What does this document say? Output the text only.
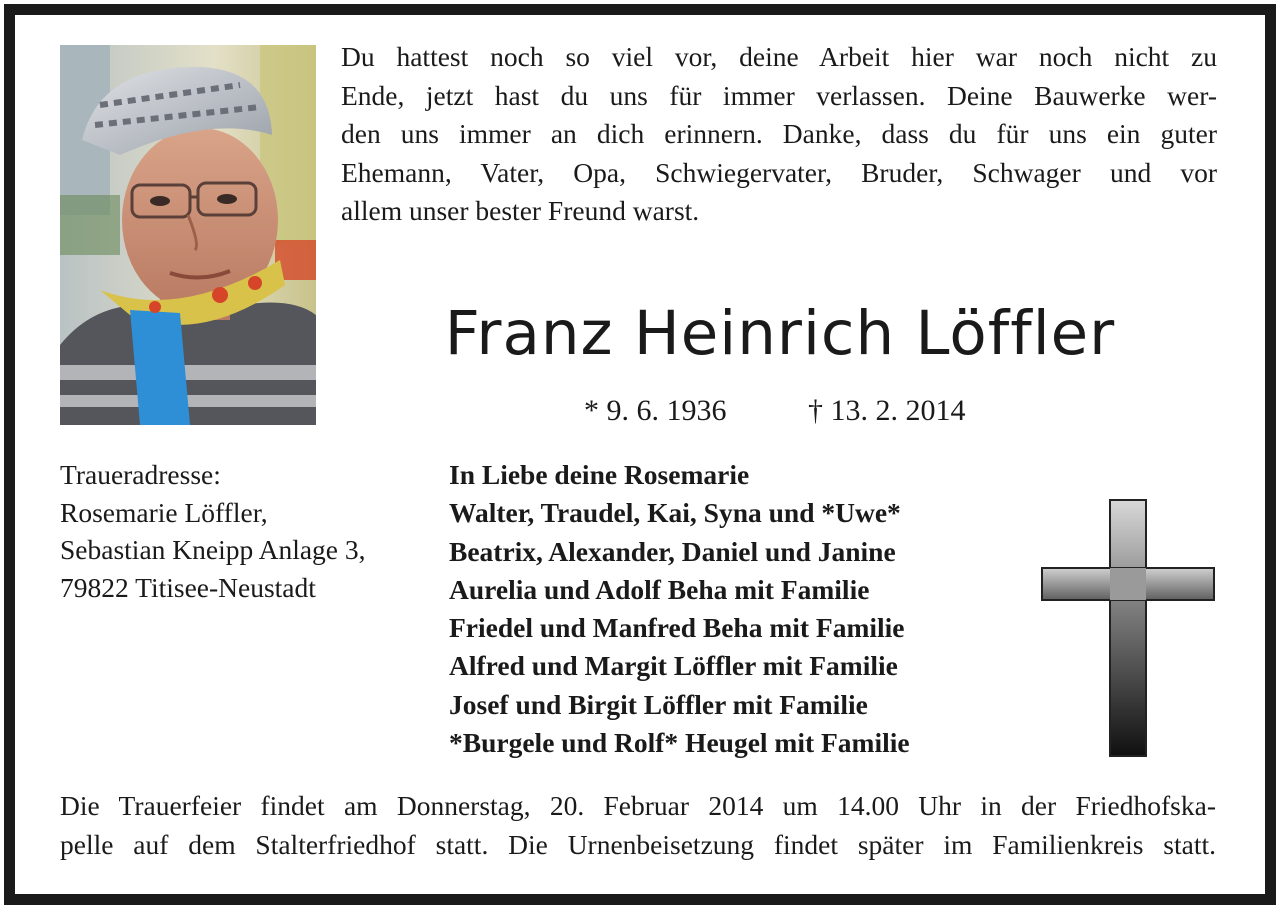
Du hattest noch so viel vor, deine Arbeit hier war noch nicht zu
Ende, jetzt hast du uns für immer verlassen. Deine Bauwerke wer-
den uns immer an dich erinnern. Danke, dass du für uns ein guter
Ehemann, Vater, Opa, Schwiegervater, Bruder, Schwager und vor
allem unser bester Freund warst.
Franz Heinrich Löffler
* 9. 6. 1936	† 13. 2. 2014
Traueradresse:
Rosemarie Löffler,
Sebastian Kneipp Anlage 3,
79822 Titisee-Neustadt
In Liebe deine Rosemarie
Walter, Traudel, Kai, Syna und *Uwe*
Beatrix, Alexander, Daniel und Janine
Aurelia und Adolf Beha mit Familie
Friedel und Manfred Beha mit Familie
Alfred und Margit Löffler mit Familie
Josef und Birgit Löffler mit Familie
*Burgele und Rolf* Heugel mit Familie
Die Trauerfeier findet am Donnerstag, 20. Februar 2014 um 14.00 Uhr in der Friedhofska-
pelle auf dem Stalterfriedhof statt. Die Urnenbeisetzung findet später im Familienkreis statt.
